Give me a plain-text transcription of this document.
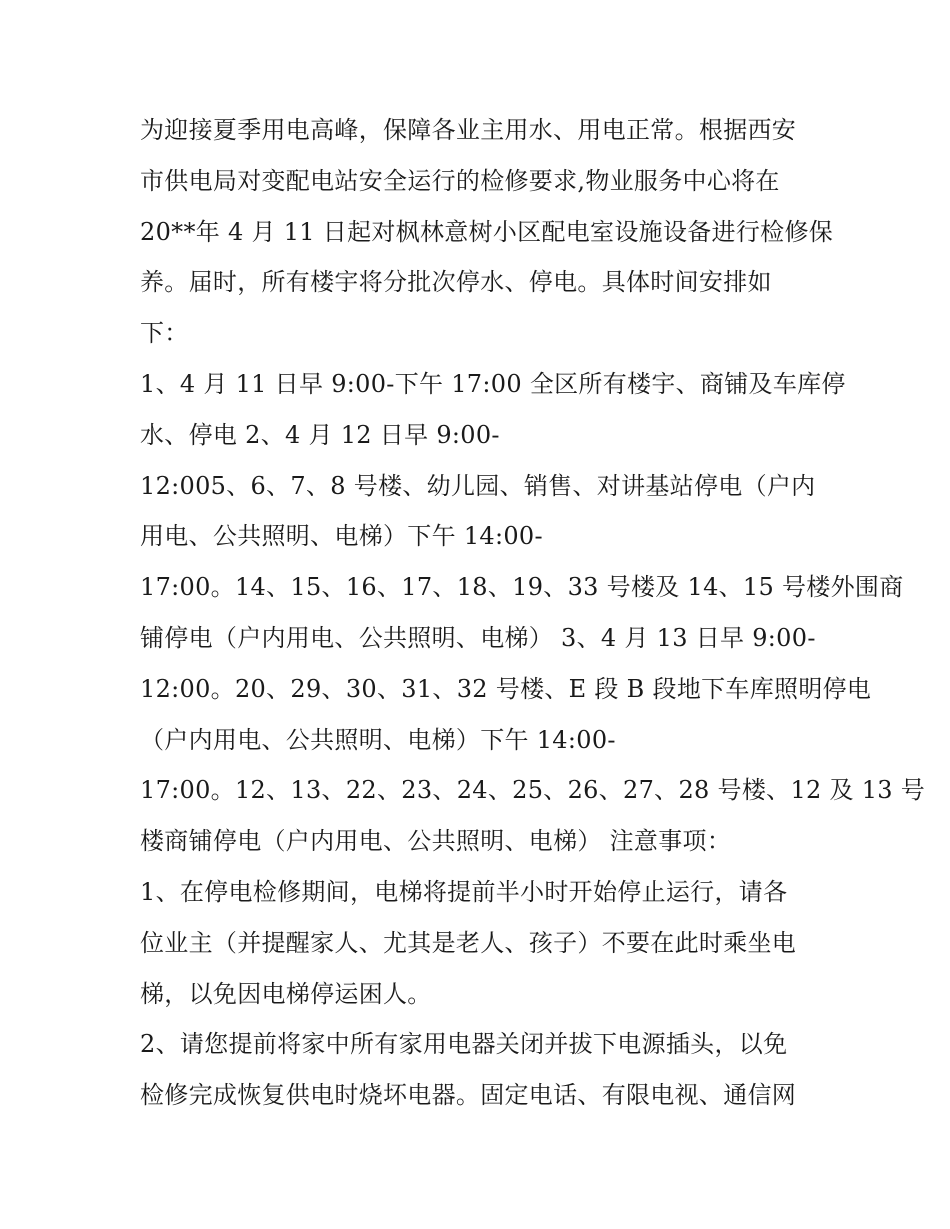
为迎接夏季用电高峰，保障各业主用水、用电正常。根据西安
市供电局对变配电站安全运行的检修要求,物业服务中心将在
20**年 4 月 11 日起对枫林意树小区配电室设施设备进行检修保
养。届时，所有楼宇将分批次停水、停电。具体时间安排如
下：
1、4 月 11 日早 9:00-下午 17:00 全区所有楼宇、商铺及车库停
水、停电 2、4 月 12 日早 9:00-
12:005、6、7、8 号楼、幼儿园、销售、对讲基站停电（户内
用电、公共照明、电梯）下午 14:00-
17:00。14、15、16、17、18、19、33 号楼及 14、15 号楼外围商
铺停电（户内用电、公共照明、电梯） 3、4 月 13 日早 9:00-
12:00。20、29、30、31、32 号楼、E 段 B 段地下车库照明停电
（户内用电、公共照明、电梯）下午 14:00-
17:00。12、13、22、23、24、25、26、27、28 号楼、12 及 13 号
楼商铺停电（户内用电、公共照明、电梯） 注意事项：
1、在停电检修期间，电梯将提前半小时开始停止运行，请各
位业主（并提醒家人、尤其是老人、孩子）不要在此时乘坐电
梯，以免因电梯停运困人。
2、请您提前将家中所有家用电器关闭并拔下电源插头，以免
检修完成恢复供电时烧坏电器。固定电话、有限电视、通信网
